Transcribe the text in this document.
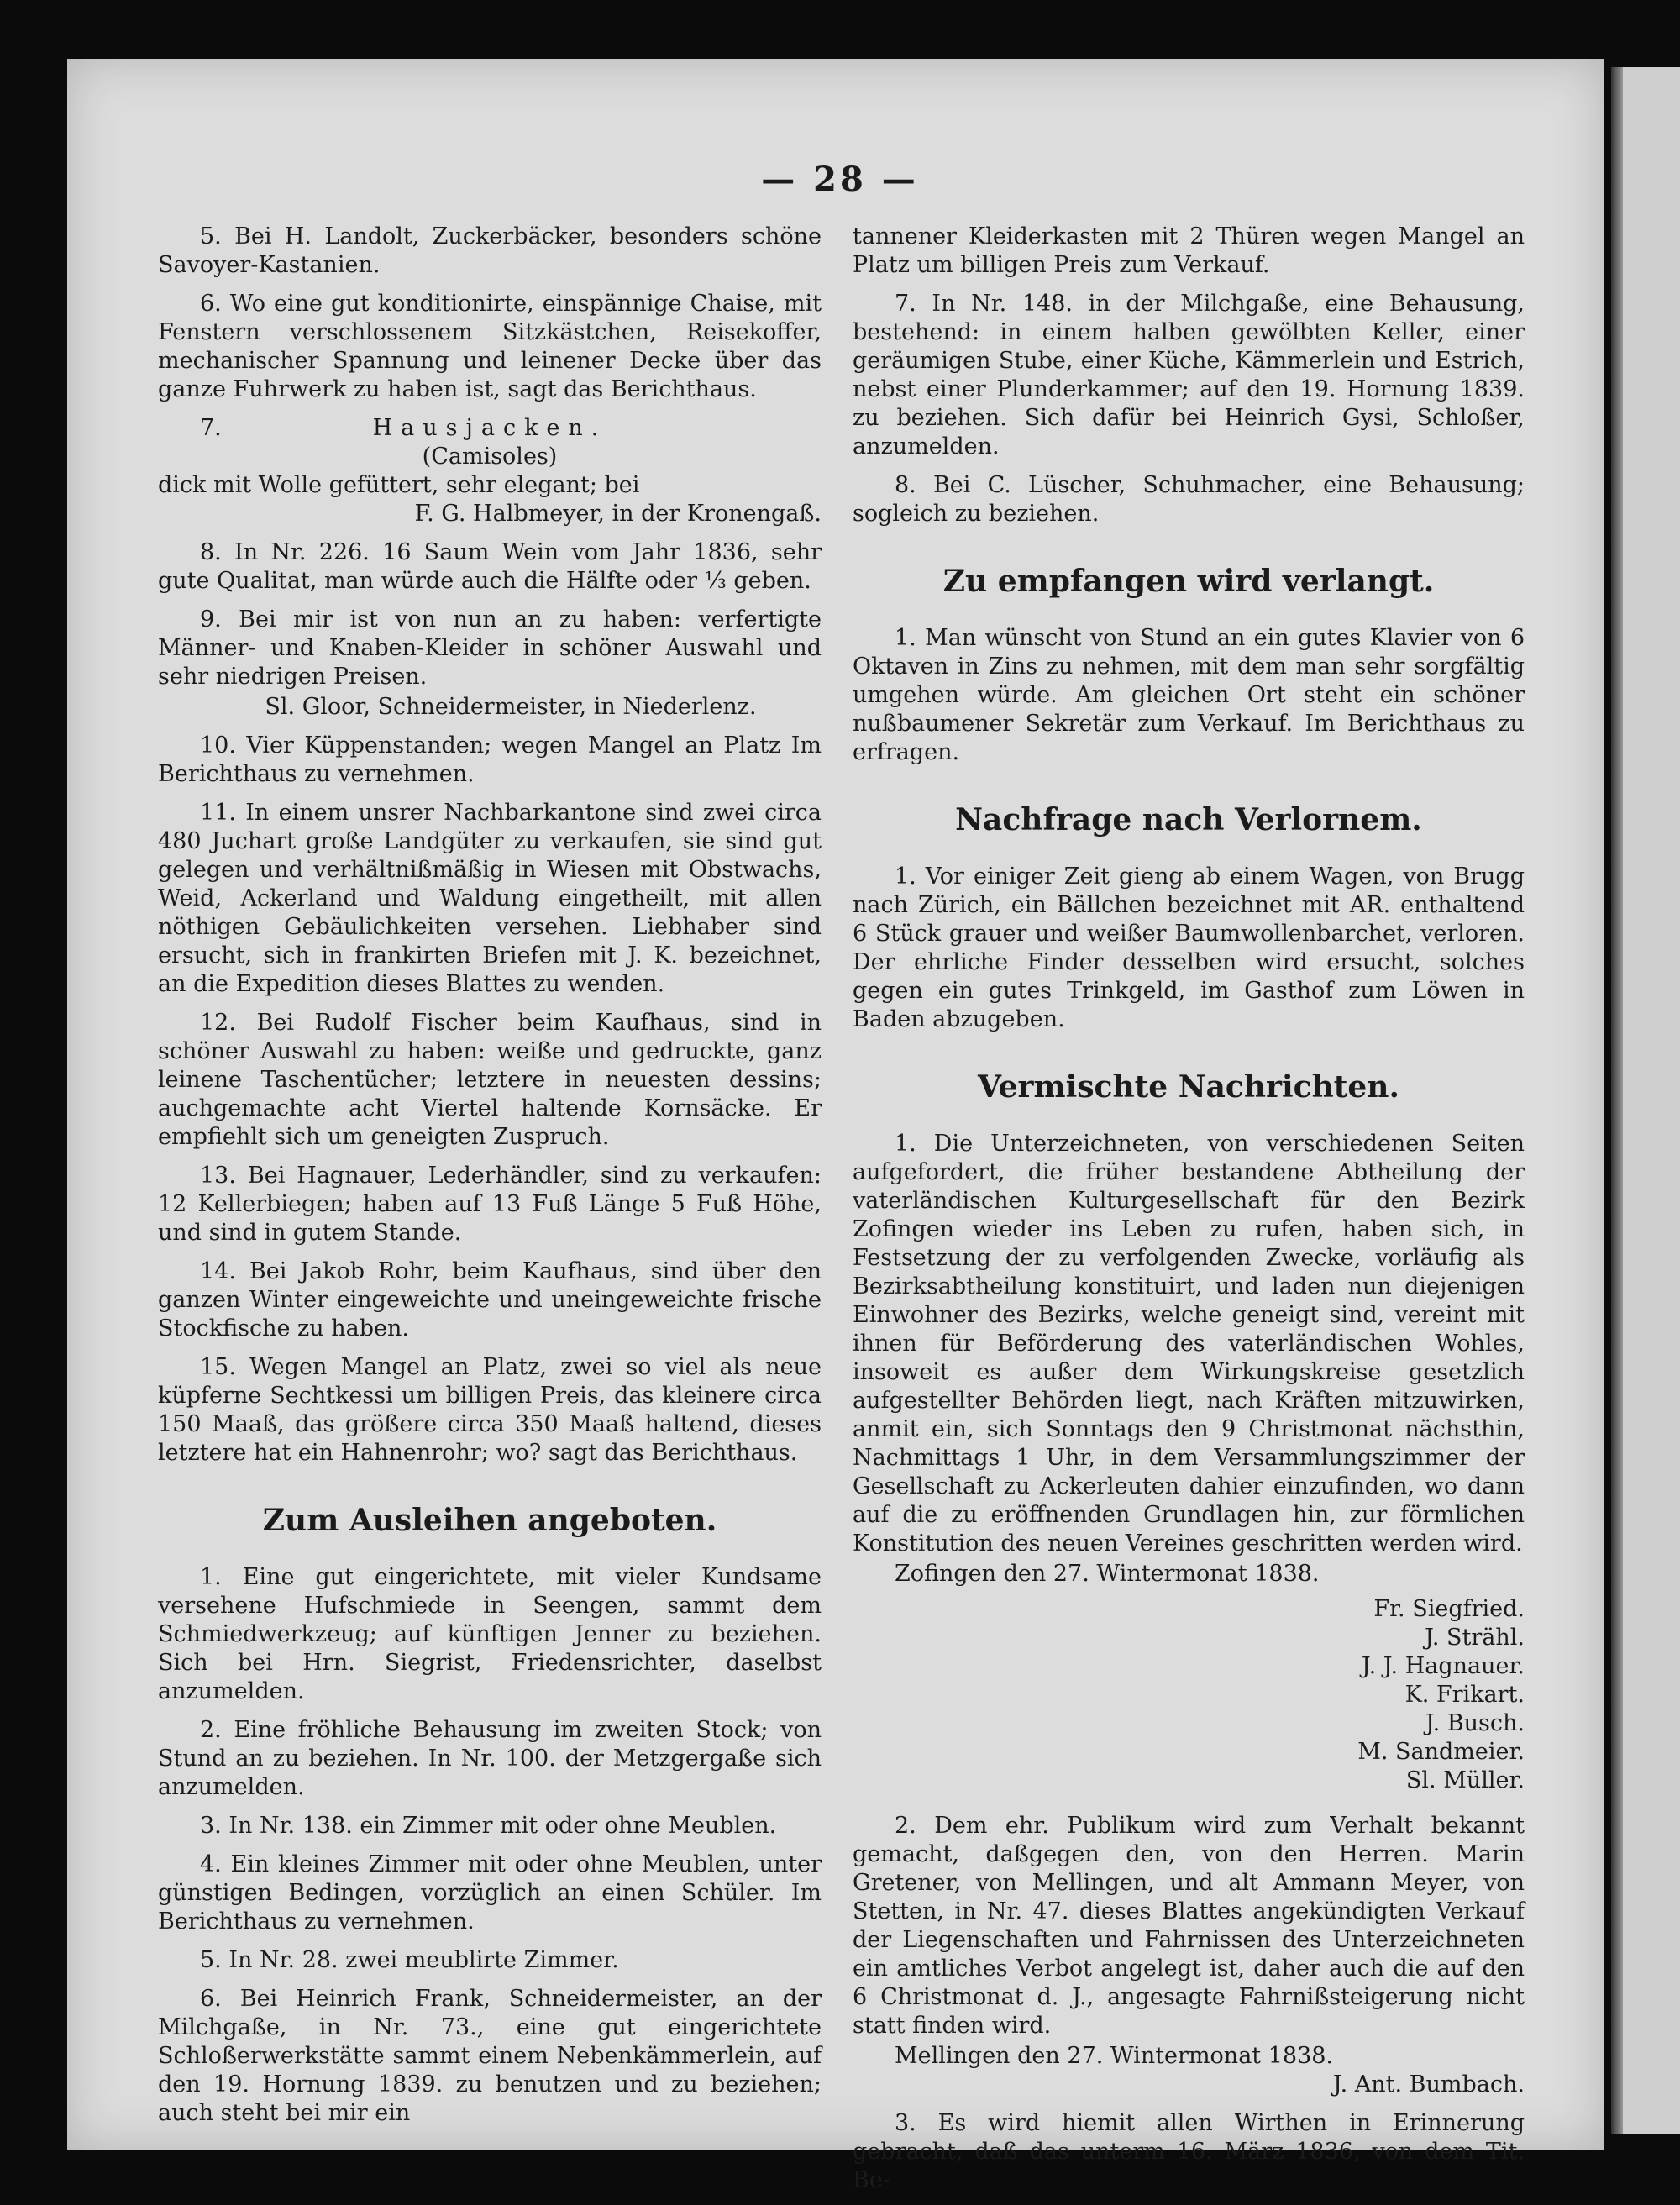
— 28 —

5. Bei H. Landolt, Zuckerbäcker, besonders schöne Savoyer-Kastanien.

6. Wo eine gut konditionirte, einspännige Chaise, mit Fenstern verschlossenem Sitzkästchen, Reisekoffer, mechanischer Spannung und leinener Decke über das ganze Fuhrwerk zu haben ist, sagt das Berichthaus.

7.	Hausjacken.
(Camisoles)
dick mit Wolle gefüttert, sehr elegant; bei
F. G. Halbmeyer, in der Kronengaß.

8. In Nr. 226. 16 Saum Wein vom Jahr 1836, sehr gute Qualitat, man würde auch die Hälfte oder ⅓ geben.

9. Bei mir ist von nun an zu haben: verfertigte Männer- und Knaben-Kleider in schöner Auswahl und sehr niedrigen Preisen.

Sl. Gloor, Schneidermeister, in Niederlenz.

10. Vier Küppenstanden; wegen Mangel an Platz Im Berichthaus zu vernehmen.

11. In einem unsrer Nachbarkantone sind zwei circa 480 Juchart große Landgüter zu verkaufen, sie sind gut gelegen und verhältnißmäßig in Wiesen mit Obstwachs, Weid, Ackerland und Waldung eingetheilt, mit allen nöthigen Gebäulichkeiten versehen. Liebhaber sind ersucht, sich in frankirten Briefen mit J. K. bezeichnet, an die Expedition dieses Blattes zu wenden.

12. Bei Rudolf Fischer beim Kaufhaus, sind in schöner Auswahl zu haben: weiße und gedruckte, ganz leinene Taschentücher; letztere in neuesten dessins; auchgemachte acht Viertel haltende Kornsäcke. Er empfiehlt sich um geneigten Zuspruch.

13. Bei Hagnauer, Lederhändler, sind zu verkaufen: 12 Kellerbiegen; haben auf 13 Fuß Länge 5 Fuß Höhe, und sind in gutem Stande.

14. Bei Jakob Rohr, beim Kaufhaus, sind über den ganzen Winter eingeweichte und uneingeweichte frische Stockfische zu haben.

15. Wegen Mangel an Platz, zwei so viel als neue küpferne Sechtkessi um billigen Preis, das kleinere circa 150 Maaß, das größere circa 350 Maaß haltend, dieses letztere hat ein Hahnenrohr; wo? sagt das Berichthaus.

Zum Ausleihen angeboten.

1. Eine gut eingerichtete, mit vieler Kundsame versehene Hufschmiede in Seengen, sammt dem Schmiedwerkzeug; auf künftigen Jenner zu beziehen. Sich bei Hrn. Siegrist, Friedensrichter, daselbst anzumelden.

2. Eine fröhliche Behausung im zweiten Stock; von Stund an zu beziehen. In Nr. 100. der Metzgergaße sich anzumelden.

3. In Nr. 138. ein Zimmer mit oder ohne Meublen.

4. Ein kleines Zimmer mit oder ohne Meublen, unter günstigen Bedingen, vorzüglich an einen Schüler. Im Berichthaus zu vernehmen.

5. In Nr. 28. zwei meublirte Zimmer.

6. Bei Heinrich Frank, Schneidermeister, an der Milchgaße, in Nr. 73., eine gut eingerichtete Schloßerwerkstätte sammt einem Nebenkämmerlein, auf den 19. Hornung 1839. zu benutzen und zu beziehen; auch steht bei mir ein

tannener Kleiderkasten mit 2 Thüren wegen Mangel an Platz um billigen Preis zum Verkauf.

7. In Nr. 148. in der Milchgaße, eine Behausung, bestehend: in einem halben gewölbten Keller, einer geräumigen Stube, einer Küche, Kämmerlein und Estrich, nebst einer Plunderkammer; auf den 19. Hornung 1839. zu beziehen. Sich dafür bei Heinrich Gysi, Schloßer, anzumelden.

8. Bei C. Lüscher, Schuhmacher, eine Behausung; sogleich zu beziehen.

Zu empfangen wird verlangt.

1. Man wünscht von Stund an ein gutes Klavier von 6 Oktaven in Zins zu nehmen, mit dem man sehr sorgfältig umgehen würde. Am gleichen Ort steht ein schöner nußbaumener Sekretär zum Verkauf. Im Berichthaus zu erfragen.

Nachfrage nach Verlornem.

1. Vor einiger Zeit gieng ab einem Wagen, von Brugg nach Zürich, ein Bällchen bezeichnet mit AR. enthaltend 6 Stück grauer und weißer Baumwollenbarchet, verloren. Der ehrliche Finder desselben wird ersucht, solches gegen ein gutes Trinkgeld, im Gasthof zum Löwen in Baden abzugeben.

Vermischte Nachrichten.

1. Die Unterzeichneten, von verschiedenen Seiten aufgefordert, die früher bestandene Abtheilung der vaterländischen Kulturgesellschaft für den Bezirk Zofingen wieder ins Leben zu rufen, haben sich, in Festsetzung der zu verfolgenden Zwecke, vorläufig als Bezirksabtheilung konstituirt, und laden nun diejenigen Einwohner des Bezirks, welche geneigt sind, vereint mit ihnen für Beförderung des vaterländischen Wohles, insoweit es außer dem Wirkungskreise gesetzlich aufgestellter Behörden liegt, nach Kräften mitzuwirken, anmit ein, sich Sonntags den 9 Christmonat nächsthin, Nachmittags 1 Uhr, in dem Versammlungszimmer der Gesellschaft zu Ackerleuten dahier einzufinden, wo dann auf die zu eröffnenden Grundlagen hin, zur förmlichen Konstitution des neuen Vereines geschritten werden wird.

Zofingen den 27. Wintermonat 1838.

Fr. Siegfried.
J. Strähl.
J. J. Hagnauer.
K. Frikart.
J. Busch.
M. Sandmeier.
Sl. Müller.

2. Dem ehr. Publikum wird zum Verhalt bekannt gemacht, daßgegen den, von den Herren. Marin Gretener, von Mellingen, und alt Ammann Meyer, von Stetten, in Nr. 47. dieses Blattes angekündigten Verkauf der Liegenschaften und Fahrnissen des Unterzeichneten ein amtliches Verbot angelegt ist, daher auch die auf den 6 Christmonat d. J., angesagte Fahrnißsteigerung nicht statt finden wird.

Mellingen den 27. Wintermonat 1838.

J. Ant. Bumbach.

3. Es wird hiemit allen Wirthen in Erinnerung gebracht, daß das unterm 16. März 1836, von dem Tit. Be-
